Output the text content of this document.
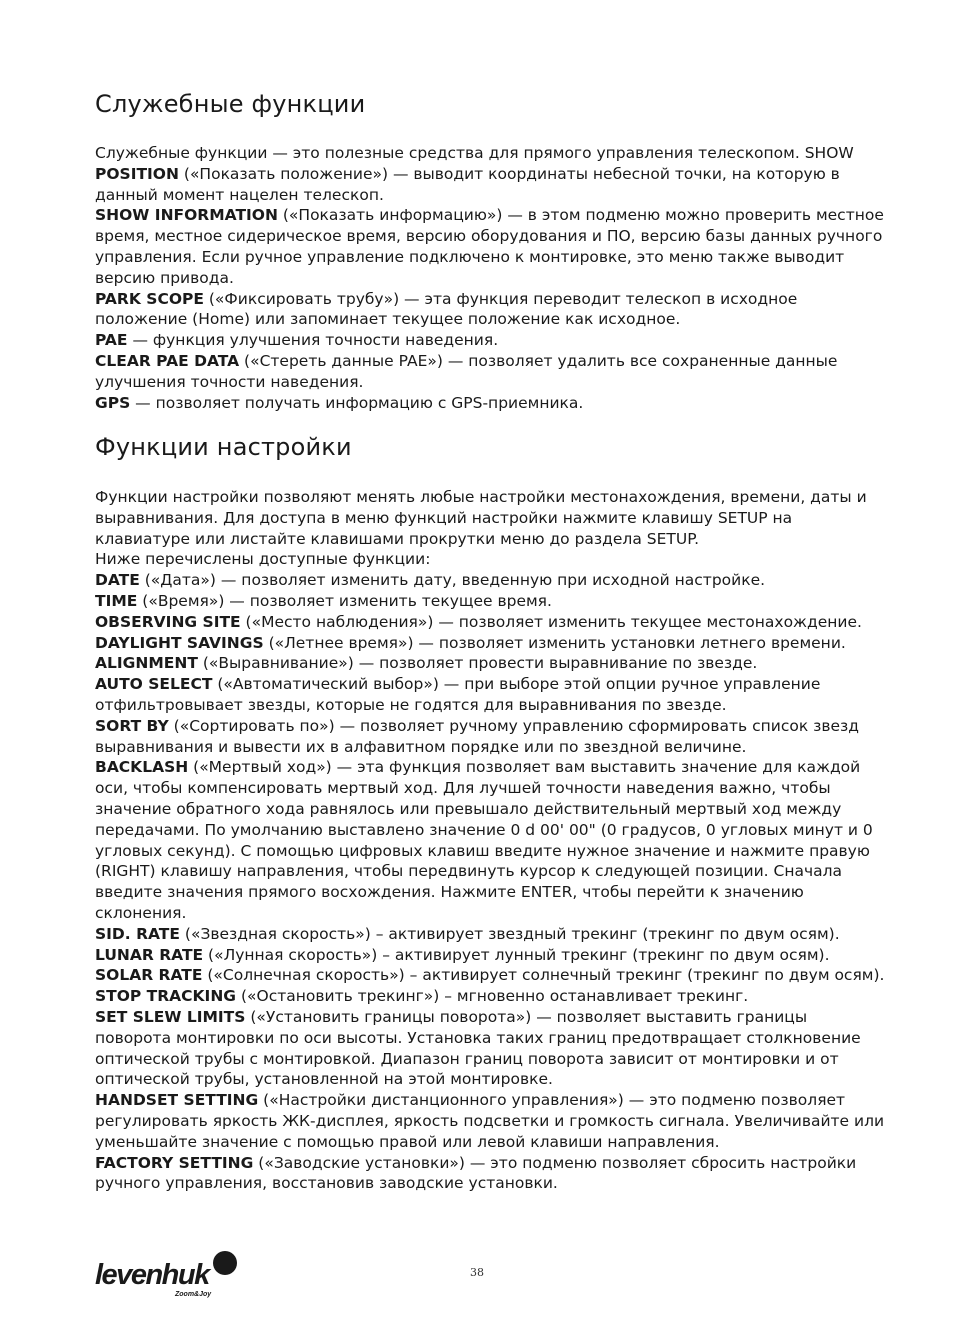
Служебные функции

Служебные функции — это полезные средства для прямого управления телескопом. SHOW

POSITION («Показать положение») — выводит координаты небесной точки, на которую в данный момент нацелен телескоп.

SHOW INFORMATION («Показать информацию») — в этом подменю можно проверить местное время, местное сидерическое время, версию оборудования и ПО, версию базы данных ручного управления. Если ручное управление подключено к монтировке, это меню также выводит версию привода.

PARK SCOPE («Фиксировать трубу») — эта функция переводит телескоп в исходное положение (Home) или запоминает текущее положение как исходное.

PAE — функция улучшения точности наведения.

CLEAR PAE DATA («Стереть данные PAE») — позволяет удалить все сохраненные данные улучшения точности наведения.

GPS — позволяет получать информацию с GPS-приемника.

Функции настройки

Функции настройки позволяют менять любые настройки местонахождения, времени, даты и выравнивания. Для доступа в меню функций настройки нажмите клавишу SETUP на клавиатуре или листайте клавишами прокрутки меню до раздела SETUP.

Ниже перечислены доступные функции:

DATE («Дата») — позволяет изменить дату, введенную при исходной настройке.

TIME («Время») — позволяет изменить текущее время.

OBSERVING SITE («Место наблюдения») — позволяет изменить текущее местонахождение.

DAYLIGHT SAVINGS («Летнее время») — позволяет изменить установки летнего времени.

ALIGNMENT («Выравнивание») — позволяет провести выравнивание по звезде.

AUTO SELECT («Автоматический выбор») — при выборе этой опции ручное управление отфильтровывает звезды, которые не годятся для выравнивания по звезде.

SORT BY («Сортировать по») — позволяет ручному управлению сформировать список звезд выравнивания и вывести их в алфавитном порядке или по звездной величине.

BACKLASH («Мертвый ход») — эта функция позволяет вам выставить значение для каждой оси, чтобы компенсировать мертвый ход. Для лучшей точности наведения важно, чтобы значение обратного хода равнялось или превышало действительный мертвый ход между передачами. По умолчанию выставлено значение 0 d 00' 00" (0 градусов, 0 угловых минут и 0 угловых секунд). С помощью цифровых клавиш введите нужное значение и нажмите правую (RIGHT) клавишу направления, чтобы передвинуть курсор к следующей позиции. Сначала введите значения прямого восхождения. Нажмите ENTER, чтобы перейти к значению склонения.

SID. RATE («Звездная скорость») – активирует звездный трекинг (трекинг по двум осям).

LUNAR RATE («Лунная скорость») – активирует лунный трекинг (трекинг по двум осям).

SOLAR RATE («Солнечная скорость») – активирует солнечный трекинг (трекинг по двум осям).

STOP TRACKING («Остановить трекинг») – мгновенно останавливает трекинг.

SET SLEW LIMITS («Установить границы поворота») — позволяет выставить границы поворота монтировки по оси высоты. Установка таких границ предотвращает столкновение оптической трубы с монтировкой. Диапазон границ поворота зависит от монтировки и от оптической трубы, установленной на этой монтировке.

HANDSET SETTING («Настройки дистанционного управления») — это подменю позволяет регулировать яркость ЖК-дисплея, яркость подсветки и громкость сигнала. Увеличивайте или уменьшайте значение с помощью правой или левой клавиши направления.

FACTORY SETTING («Заводские установки») — это подменю позволяет сбросить настройки ручного управления, восстановив заводские установки.

levenhuk
Zoom&Joy
38
